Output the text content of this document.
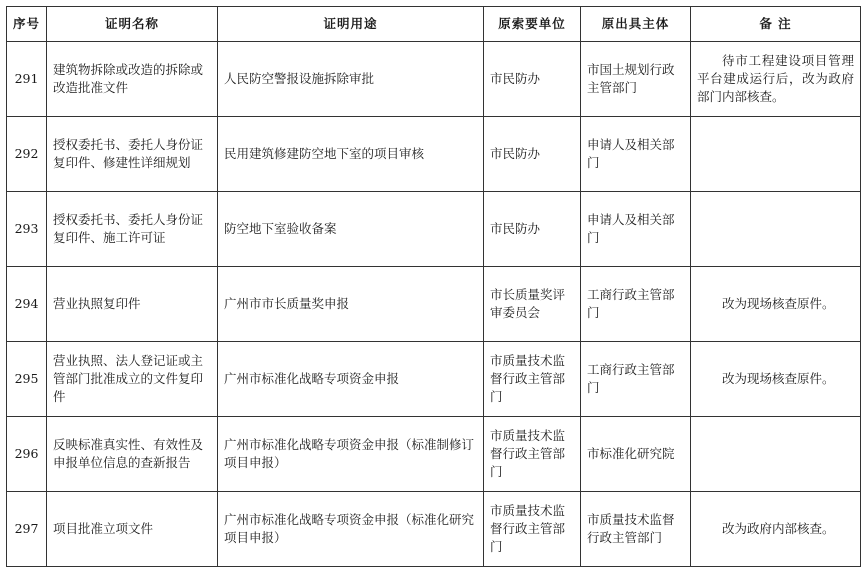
序号	证明名称	证明用途	原索要单位	原出具主体	备 注
291	建筑物拆除或改造的拆除或改造批准文件	人民防空警报设施拆除审批	市民防办	市国土规划行政主管部门	待市工程建设项目管理平台建成运行后，改为政府部门内部核查。
292	授权委托书、委托人身份证复印件、修建性详细规划	民用建筑修建防空地下室的项目审核	市民防办	申请人及相关部门	
293	授权委托书、委托人身份证复印件、施工许可证	防空地下室验收备案	市民防办	申请人及相关部门	
294	营业执照复印件	广州市市长质量奖申报	市长质量奖评审委员会	工商行政主管部门	改为现场核查原件。
295	营业执照、法人登记证或主管部门批准成立的文件复印件	广州市标准化战略专项资金申报	市质量技术监督行政主管部门	工商行政主管部门	改为现场核查原件。
296	反映标准真实性、有效性及申报单位信息的查新报告	广州市标准化战略专项资金申报（标准制修订项目申报）	市质量技术监督行政主管部门	市标准化研究院	
297	项目批准立项文件	广州市标准化战略专项资金申报（标准化研究项目申报）	市质量技术监督行政主管部门	市质量技术监督行政主管部门	改为政府内部核查。
